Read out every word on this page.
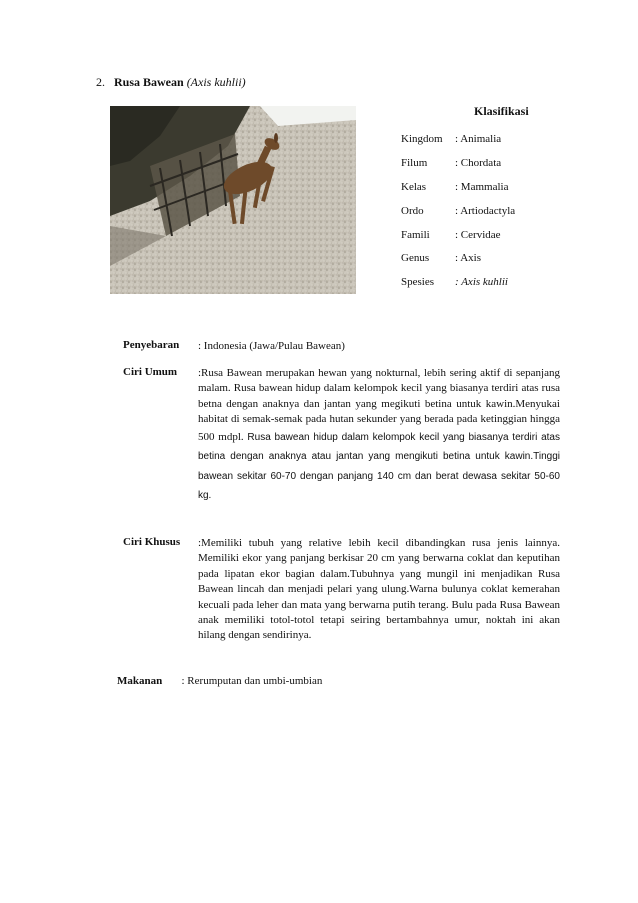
2. Rusa Bawean (Axis kuhlii)
Klasifikasi
Kingdom : Animalia
Filum	: Chordata
Kelas	: Mammalia
Ordo	: Artiodactyla
Famili : Cervidae
Genus : Axis
Spesies : Axis kuhlii
Penyebaran : Indonesia (Jawa/Pulau Bawean)
Ciri Umum :Rusa Bawean merupakan hewan yang nokturnal, lebih sering aktif di sepanjang malam. Rusa bawean hidup dalam kelompok kecil yang biasanya terdiri atas rusa betna dengan anaknya dan jantan yang megikuti betina untuk kawin.Menyukai habitat di semak-semak pada hutan sekunder yang berada pada ketinggian hingga 500 mdpl. Rusa bawean hidup dalam kelompok kecil yang biasanya terdiri atas betina dengan anaknya atau jantan yang mengikuti betina untuk kawin.Tinggi bawean sekitar 60-70 dengan panjang 140 cm dan berat dewasa sekitar 50-60 kg.
Ciri Khusus :Memiliki tubuh yang relative lebih kecil dibandingkan rusa jenis lainnya. Memiliki ekor yang panjang berkisar 20 cm yang berwarna coklat dan keputihan pada lipatan ekor bagian dalam.Tubuhnya yang mungil ini menjadikan Rusa Bawean lincah dan menjadi pelari yang ulung.Warna bulunya coklat kemerahan kecuali pada leher dan mata yang berwarna putih terang. Bulu pada Rusa Bawean anak memiliki totol-totol tetapi seiring bertambahnya umur, noktah ini akan hilang dengan sendirinya.
Makanan : Rerumputan dan umbi-umbian
